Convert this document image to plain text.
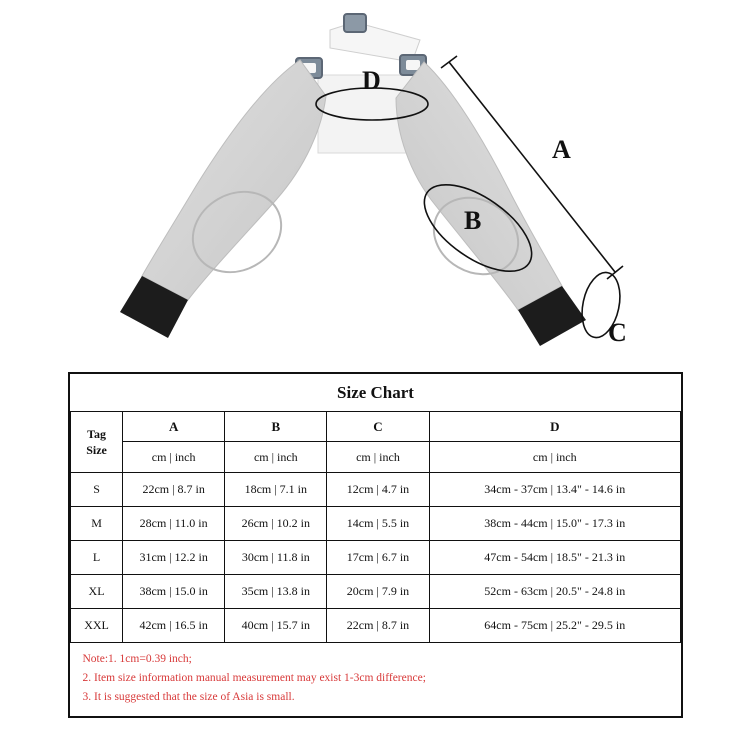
A
B
C
D
Size Chart				

Tag
Size	A	B	C	D
	cm | inch	cm | inch	cm | inch	cm | inch
S	22cm | 8.7 in	18cm | 7.1 in	12cm | 4.7 in	34cm - 37cm | 13.4" - 14.6 in
M	28cm | 11.0 in	26cm | 10.2 in	14cm | 5.5 in	38cm - 44cm | 15.0" - 17.3 in
L	31cm | 12.2 in	30cm | 11.8 in	17cm | 6.7 in	47cm - 54cm | 18.5" - 21.3 in
XL	38cm | 15.0 in	35cm | 13.8 in	20cm | 7.9 in	52cm - 63cm | 20.5" - 24.8 in
XXL	42cm | 16.5 in	40cm | 15.7 in	22cm | 8.7 in	64cm - 75cm | 25.2" - 29.5 in

Note:1. 1cm=0.39 inch;
2. Item size information manual measurement may exist 1-3cm difference;
3. It is suggested that the size of Asia is small.				
